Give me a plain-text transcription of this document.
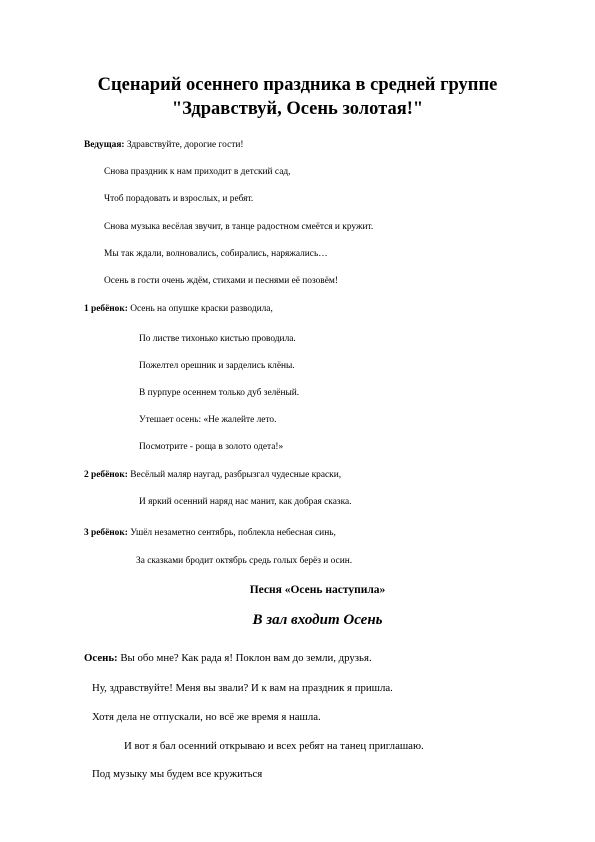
Сценарий осеннего праздника в средней группе
"Здравствуй, Осень золотая!"
Ведущая: Здравствуйте, дорогие гости!
Снова праздник к нам приходит в детский сад,
Чтоб порадовать и взрослых, и ребят.
Снова музыка весёлая звучит, в танце радостном смеётся и кружит.
Мы так ждали, волновались, собирались, наряжались…
Осень в гости очень ждём, стихами и песнями её позовём!
1 ребёнок: Осень на опушке краски разводила,
По листве тихонько кистью проводила.
Пожелтел орешник и зарделись клёны.
В пурпуре осеннем только дуб зелёный.
Утешает осень: «Не жалейте лето.
Посмотрите - роща в золото одета!»
2 ребёнок: Весёлый маляр наугад, разбрызгал чудесные краски,
И яркий осенний наряд нас манит, как добрая сказка.
3 ребёнок: Ушёл незаметно сентябрь, поблекла небесная синь,
За сказками бродит октябрь средь голых берёз и осин.
Песня «Осень наступила»
В зал входит Осень
Осень: Вы обо мне? Как рада я! Поклон вам до земли, друзья.
Ну, здравствуйте! Меня вы звали? И к вам на праздник я пришла.
Хотя дела не отпускали, но всё же время я нашла.
И вот я бал осенний открываю и всех ребят на танец приглашаю.
Под музыку мы будем все кружиться
